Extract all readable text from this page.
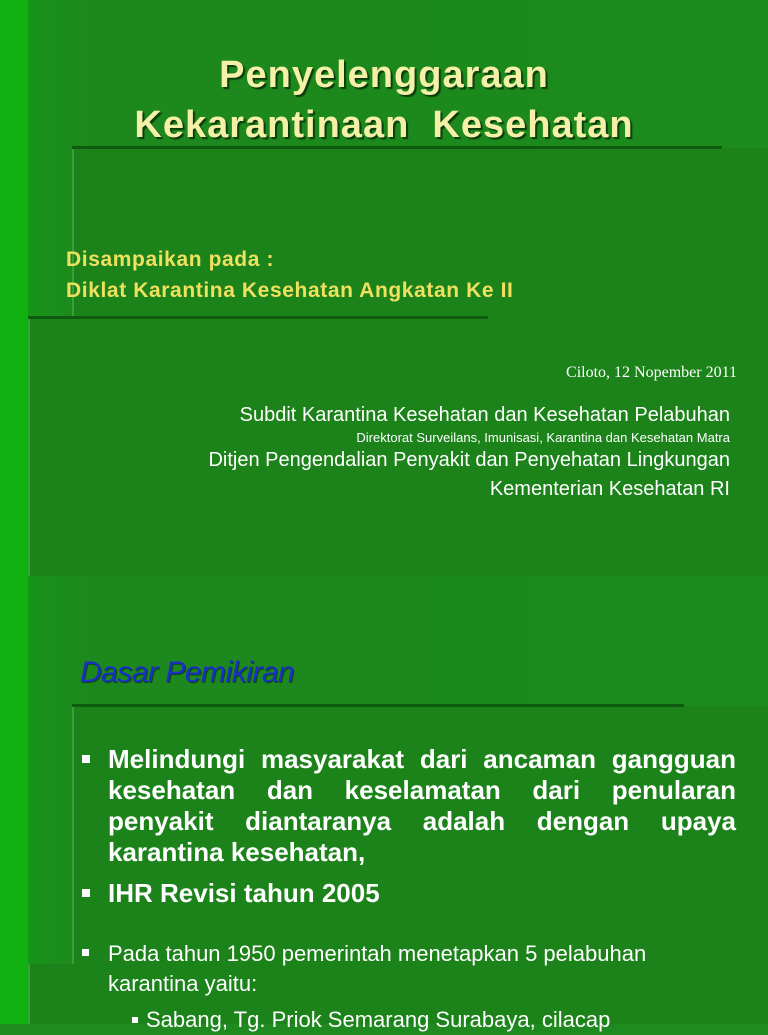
Penyelenggaraan
Kekarantinaan  Kesehatan
Disampaikan pada :
Diklat Karantina Kesehatan Angkatan Ke II
Ciloto, 12 Nopember 2011
Subdit Karantina Kesehatan dan Kesehatan Pelabuhan
Direktorat Surveilans, Imunisasi, Karantina dan Kesehatan Matra
Ditjen Pengendalian Penyakit dan Penyehatan Lingkungan
Kementerian Kesehatan RI
Dasar Pemikiran
Melindungi masyarakat dari ancaman gangguan kesehatan dan keselamatan dari penularan penyakit diantaranya adalah dengan upaya karantina kesehatan,
IHR Revisi tahun 2005
Pada tahun 1950 pemerintah menetapkan 5 pelabuhan karantina yaitu:
Sabang, Tg. Priok Semarang Surabaya, cilacap
